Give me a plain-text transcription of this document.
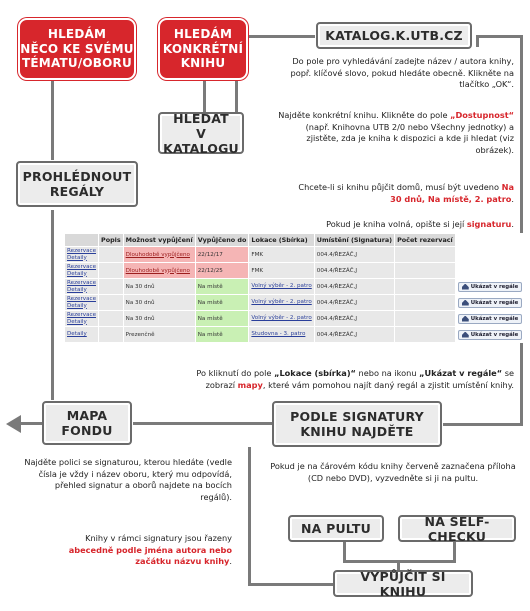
HLEDÁM
NĚCO KE SVÉMU
TÉMATU/OBORU
HLEDÁM
KONKRÉTNÍ
KNIHU
KATALOG.K.UTB.CZ
HLEDAT
V KATALOGU
PROHLÉDNOUT
REGÁLY
MAPA
FONDU
PODLE SIGNATURY
KNIHU NAJDĚTE
NA PULTU	NA SELF-CHECKU
VYPŮJČIT SI KNIHU
Do pole pro vyhledávání zadejte název / autora knihy, popř. klíčové slovo, pokud hledáte obecně. Klikněte na tlačítko „OK“.
Najděte konkrétní knihu. Klikněte do pole „Dostupnost“ (např. Knihovna UTB 2/0 nebo Všechny jednotky) a zjistěte, zda je kniha k dispozici a kde ji hledat (viz obrázek).
Chcete-li si knihu půjčit domů, musí být uvedeno Na 30 dnů, Na místě, 2. patro.
Pokud je kniha volná, opište si její signaturu.
Po kliknutí do pole „Lokace (sbírka)“ nebo na ikonu „Ukázat v regále“ se zobrazí mapy, které vám pomohou najít daný regál a zjistit umístění knihy.
Najděte polici se signaturou, kterou hledáte (vedle čísla je vždy i název oboru, který mu odpovídá, přehled signatur a oborů najdete na bocích regálů).
Knihy v rámci signatury jsou řazeny abecedně podle jména autora nebo začátku názvu knihy.
Pokud je na čárovém kódu knihy červeně zaznačena příloha (CD nebo DVD), vyzvedněte si ji na pultu.
	Popis	Možnost vypůjčení	Vypůjčeno do	Lokace (Sbírka)	Umístění (Signatura)	Počet rezervací	
Rezervace
Detaily		Dlouhodobě vypůjčeno	22/12/17	FMK	004.4/ŘEZÁČ,J		
Rezervace
Detaily		Dlouhodobě vypůjčeno	22/12/25	FMK	004.4/ŘEZÁČ,J		
Rezervace
Detaily		Na 30 dnů	Na místě	Volný výběr - 2. patro	004.4/ŘEZÁČ,J		Ukázat v regále

Rezervace
Detaily		Na 30 dnů	Na místě	Volný výběr - 2. patro	004.4/ŘEZÁČ,J		Ukázat v regále

Rezervace
Detaily		Na 30 dnů	Na místě	Volný výběr - 2. patro	004.4/ŘEZÁČ,J		Ukázat v regále

Detaily		Prezenčně	Na místě	Studovna - 3. patro	004.4/ŘEZÁČ,J		Ukázat v regále
